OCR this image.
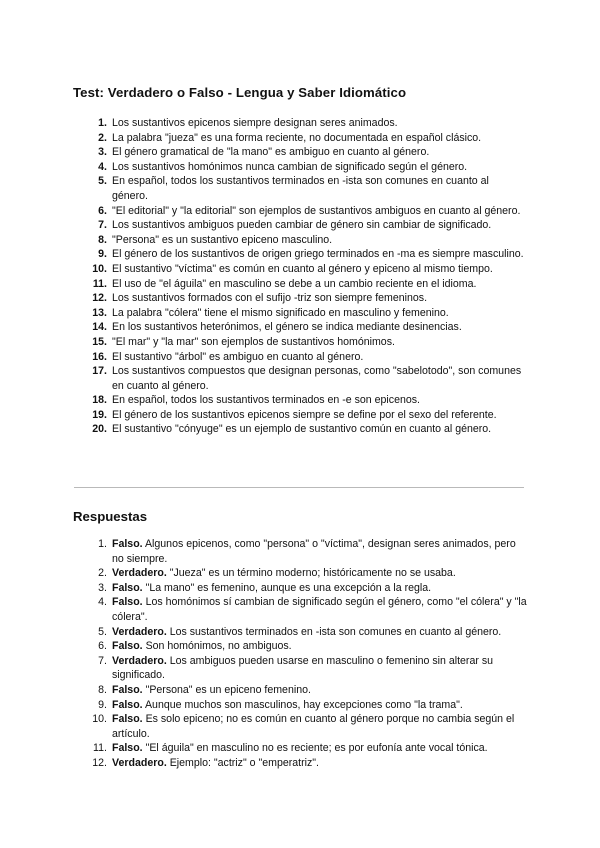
Test: Verdadero o Falso - Lengua y Saber Idiomático
1. Los sustantivos epicenos siempre designan seres animados.
2. La palabra "jueza" es una forma reciente, no documentada en español clásico.
3. El género gramatical de "la mano" es ambiguo en cuanto al género.
4. Los sustantivos homónimos nunca cambian de significado según el género.
5. En español, todos los sustantivos terminados en -ista son comunes en cuanto al género.
6. "El editorial" y "la editorial" son ejemplos de sustantivos ambiguos en cuanto al género.
7. Los sustantivos ambiguos pueden cambiar de género sin cambiar de significado.
8. "Persona" es un sustantivo epiceno masculino.
9. El género de los sustantivos de origen griego terminados en -ma es siempre masculino.
10. El sustantivo "víctima" es común en cuanto al género y epiceno al mismo tiempo.
11. El uso de "el águila" en masculino se debe a un cambio reciente en el idioma.
12. Los sustantivos formados con el sufijo -triz son siempre femeninos.
13. La palabra "cólera" tiene el mismo significado en masculino y femenino.
14. En los sustantivos heterónimos, el género se indica mediante desinencias.
15. "El mar" y "la mar" son ejemplos de sustantivos homónimos.
16. El sustantivo "árbol" es ambiguo en cuanto al género.
17. Los sustantivos compuestos que designan personas, como "sabelotodo", son comunes en cuanto al género.
18. En español, todos los sustantivos terminados en -e son epicenos.
19. El género de los sustantivos epicenos siempre se define por el sexo del referente.
20. El sustantivo "cónyuge" es un ejemplo de sustantivo común en cuanto al género.
Respuestas
1. Falso. Algunos epicenos, como "persona" o "víctima", designan seres animados, pero no siempre.
2. Verdadero. "Jueza" es un término moderno; históricamente no se usaba.
3. Falso. "La mano" es femenino, aunque es una excepción a la regla.
4. Falso. Los homónimos sí cambian de significado según el género, como "el cólera" y "la cólera".
5. Verdadero. Los sustantivos terminados en -ista son comunes en cuanto al género.
6. Falso. Son homónimos, no ambiguos.
7. Verdadero. Los ambiguos pueden usarse en masculino o femenino sin alterar su significado.
8. Falso. "Persona" es un epiceno femenino.
9. Falso. Aunque muchos son masculinos, hay excepciones como "la trama".
10. Falso. Es solo epiceno; no es común en cuanto al género porque no cambia según el artículo.
11. Falso. "El águila" en masculino no es reciente; es por eufonía ante vocal tónica.
12. Verdadero. Ejemplo: "actriz" o "emperatriz".
